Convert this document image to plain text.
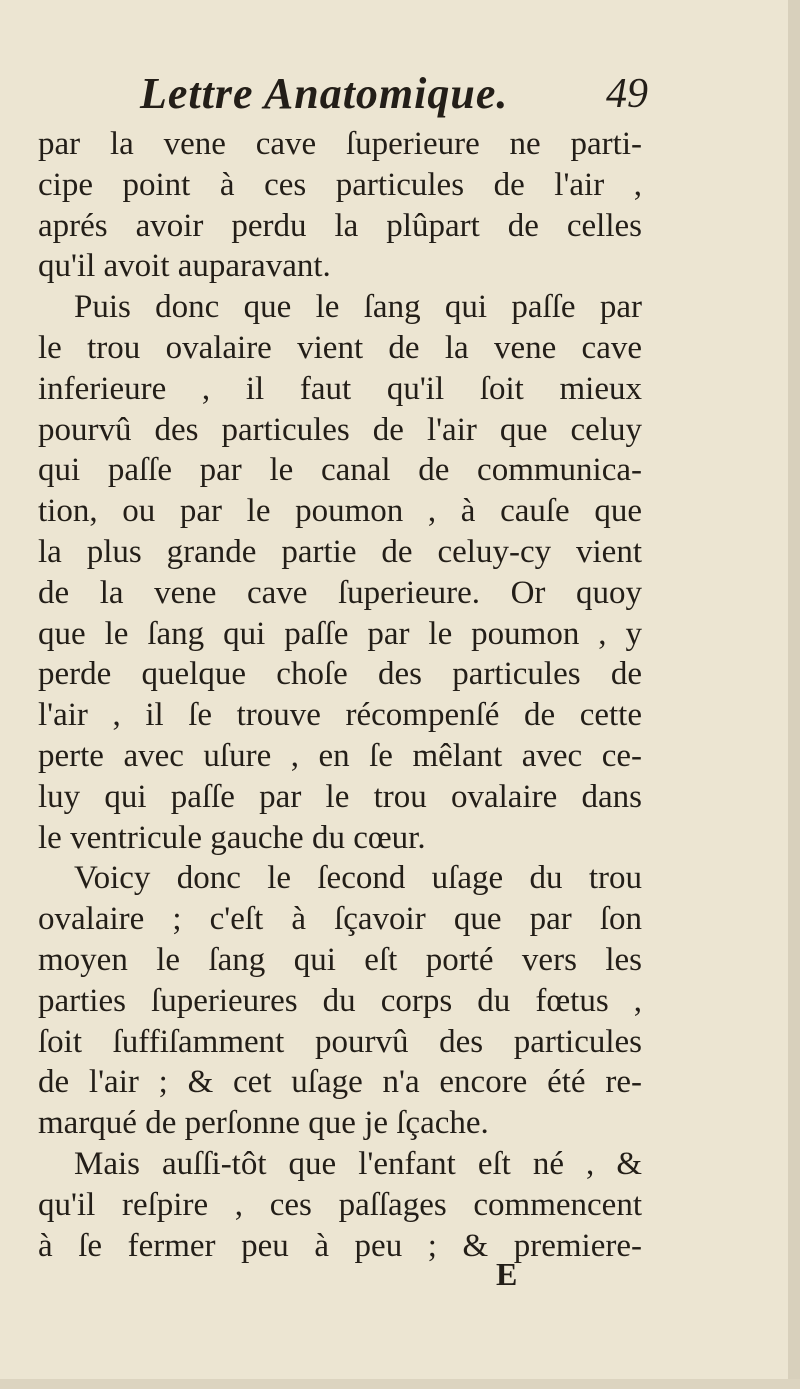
Lettre Anatomique. 49
par la vene cave ſuperieure ne parti-
cipe point à ces particules de l'air ,
aprés avoir perdu la plûpart de celles
qu'il avoit auparavant.
Puis donc que le ſang qui paſſe par
le trou ovalaire vient de la vene cave
inferieure , il faut qu'il ſoit mieux
pourvû des particules de l'air que celuy
qui paſſe par le canal de communica-
tion, ou par le poumon , à cauſe que
la plus grande partie de celuy-cy vient
de la vene cave ſuperieure. Or quoy
que le ſang qui paſſe par le poumon , y
perde quelque choſe des particules de
l'air , il ſe trouve récompenſé de cette
perte avec uſure , en ſe mêlant avec ce-
luy qui paſſe par le trou ovalaire dans
le ventricule gauche du cœur.
Voicy donc le ſecond uſage du trou
ovalaire ; c'eſt à ſçavoir que par ſon
moyen le ſang qui eſt porté vers les
parties ſuperieures du corps du fœtus ,
ſoit ſuffiſamment pourvû des particules
de l'air ; & cet uſage n'a encore été re-
marqué de perſonne que je ſçache.
Mais auſſi-tôt que l'enfant eſt né , &
qu'il reſpire , ces paſſages commencent
à ſe fermer peu à peu ; & premiere-
E
